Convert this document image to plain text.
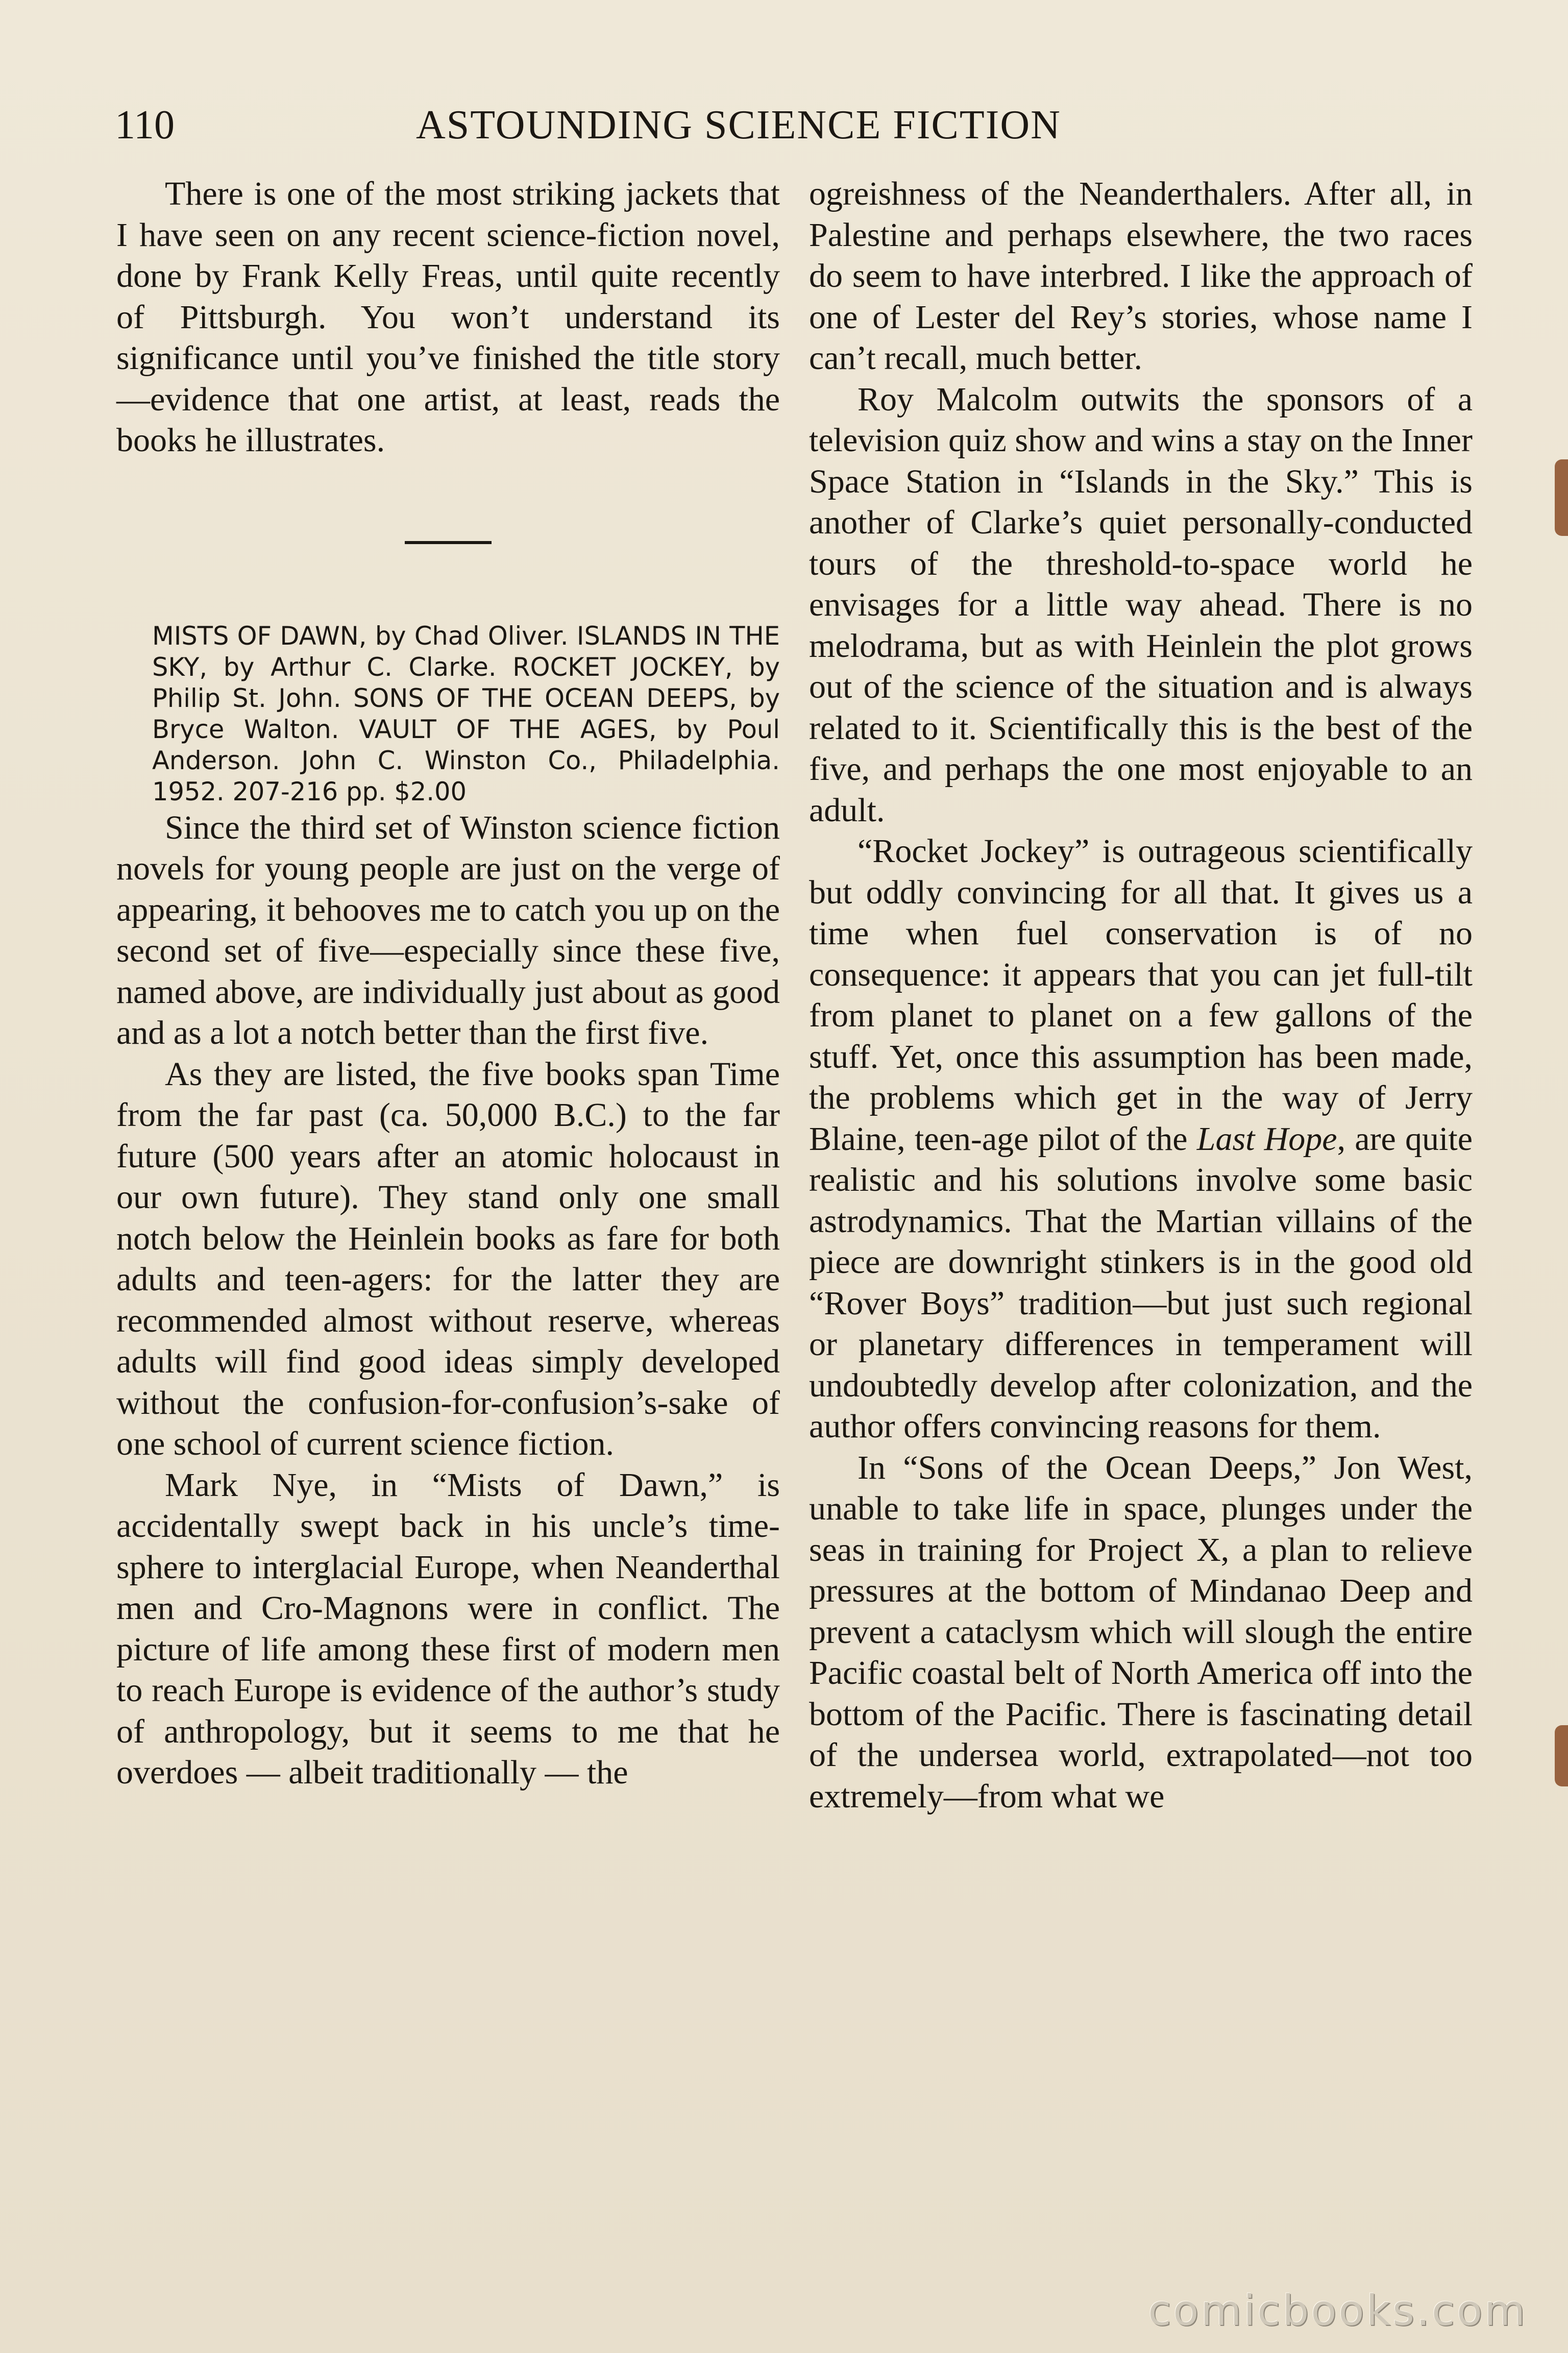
110	ASTOUNDING SCIENCE FICTION

There is one of the most striking jackets that I have seen on any recent science-fiction novel, done by Frank Kelly Freas, until quite recently of Pittsburgh. You won’t understand its significance until you’ve finished the title story—evidence that one artist, at least, reads the books he illustrates.

MISTS OF DAWN, by Chad Oliver. ISLANDS IN THE SKY, by Arthur C. Clarke. ROCKET JOCKEY, by Philip St. John. SONS OF THE OCEAN DEEPS, by Bryce Walton. VAULT OF THE AGES, by Poul Anderson. John C. Winston Co., Philadelphia. 1952. 207-216 pp. $2.00

Since the third set of Winston science fiction novels for young people are just on the verge of appearing, it behooves me to catch you up on the second set of five—especially since these five, named above, are individually just about as good and as a lot a notch better than the first five.

As they are listed, the five books span Time from the far past (ca. 50,000 B.C.) to the far future (500 years after an atomic holocaust in our own future). They stand only one small notch below the Heinlein books as fare for both adults and teen-agers: for the latter they are recommended almost without reserve, whereas adults will find good ideas simply developed without the confusion-for-confusion’s-sake of one school of current science fiction.

Mark Nye, in “Mists of Dawn,” is accidentally swept back in his uncle’s time-sphere to interglacial Europe, when Neanderthal men and Cro-Magnons were in conflict. The picture of life among these first of modern men to reach Europe is evidence of the author’s study of anthropology, but it seems to me that he overdoes — albeit traditionally — the

ogreishness of the Neanderthalers. After all, in Palestine and perhaps elsewhere, the two races do seem to have interbred. I like the approach of one of Lester del Rey’s stories, whose name I can’t recall, much better.

Roy Malcolm outwits the sponsors of a television quiz show and wins a stay on the Inner Space Station in “Islands in the Sky.” This is another of Clarke’s quiet personally-conducted tours of the threshold-to-space world he envisages for a little way ahead. There is no melodrama, but as with Heinlein the plot grows out of the science of the situation and is always related to it. Scientifically this is the best of the five, and perhaps the one most enjoyable to an adult.

“Rocket Jockey” is outrageous scientifically but oddly convincing for all that. It gives us a time when fuel conservation is of no consequence: it appears that you can jet full-tilt from planet to planet on a few gallons of the stuff. Yet, once this assumption has been made, the problems which get in the way of Jerry Blaine, teen-age pilot of the Last Hope, are quite realistic and his solutions involve some basic astrodynamics. That the Martian villains of the piece are downright stinkers is in the good old “Rover Boys” tradition—but just such regional or planetary differences in temperament will undoubtedly develop after colonization, and the author offers convincing reasons for them.

In “Sons of the Ocean Deeps,” Jon West, unable to take life in space, plunges under the seas in training for Project X, a plan to relieve pressures at the bottom of Mindanao Deep and prevent a cataclysm which will slough the entire Pacific coastal belt of North America off into the bottom of the Pacific. There is fascinating detail of the undersea world, extrapolated—not too extremely—from what we

comicbooks.com
